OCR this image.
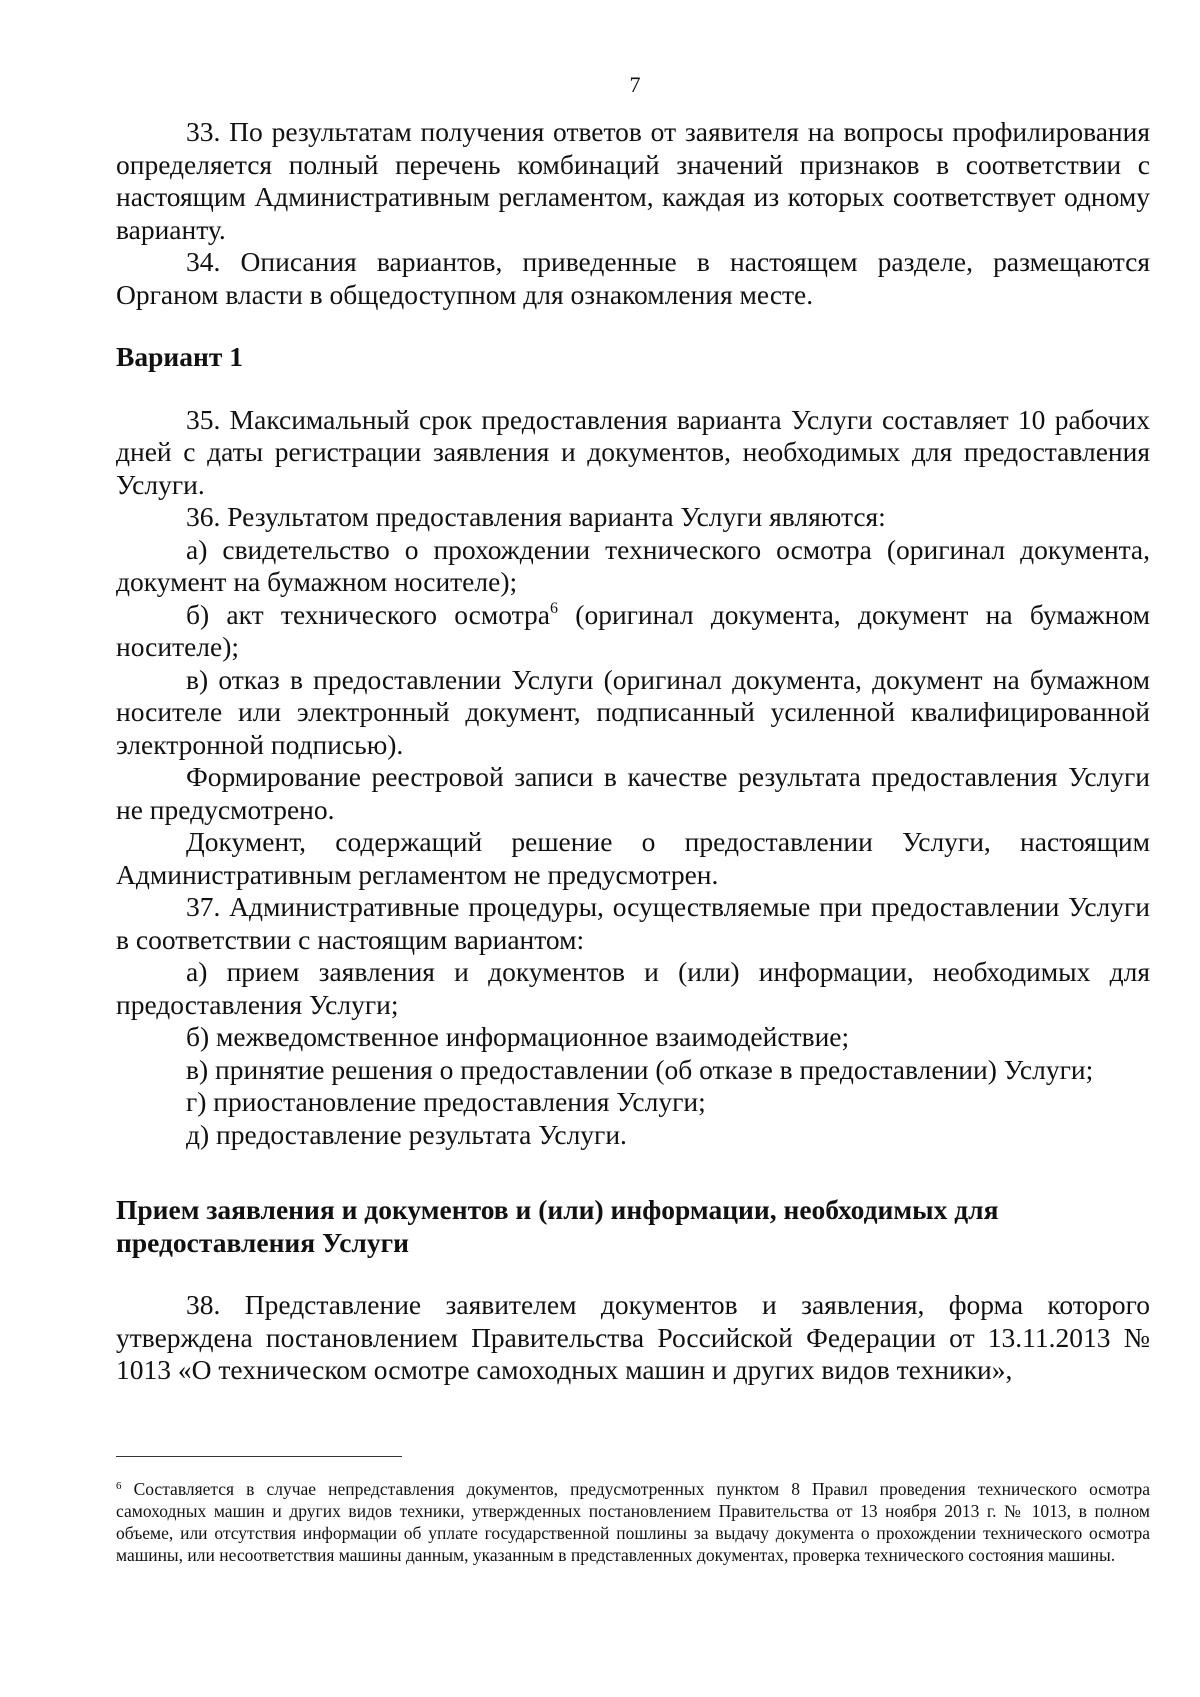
7

33. По результатам получения ответов от заявителя на вопросы профилирования определяется полный перечень комбинаций значений признаков в соответствии с настоящим Административным регламентом, каждая из которых соответствует одному варианту.

34. Описания вариантов, приведенные в настоящем разделе, размещаются Органом власти в общедоступном для ознакомления месте.

Вариант 1

35. Максимальный срок предоставления варианта Услуги составляет 10 рабочих дней с даты регистрации заявления и документов, необходимых для предоставления Услуги.

36. Результатом предоставления варианта Услуги являются:

а) свидетельство о прохождении технического осмотра (оригинал документа, документ на бумажном носителе);

б) акт технического осмотра$^6$ (оригинал документа, документ на бумажном носителе);

в) отказ в предоставлении Услуги (оригинал документа, документ на бумажном носителе или электронный документ, подписанный усиленной квалифицированной электронной подписью).

Формирование реестровой записи в качестве результата предоставления Услуги не предусмотрено.

Документ, содержащий решение о предоставлении Услуги, настоящим Административным регламентом не предусмотрен.

37. Административные процедуры, осуществляемые при предоставлении Услуги в соответствии с настоящим вариантом:

а) прием заявления и документов и (или) информации, необходимых для предоставления Услуги;

б) межведомственное информационное взаимодействие;

в) принятие решения о предоставлении (об отказе в предоставлении) Услуги;

г) приостановление предоставления Услуги;

д) предоставление результата Услуги.

Прием заявления и документов и (или) информации, необходимых для
предоставления Услуги

38. Представление заявителем документов и заявления, форма которого утверждена постановлением Правительства Российской Федерации от 13.11.2013 № 1013 «О техническом осмотре самоходных машин и других видов техники»,

$^6$ Составляется в случае непредставления документов, предусмотренных пунктом 8 Правил проведения технического осмотра самоходных машин и других видов техники, утвержденных постановлением Правительства от 13 ноября 2013 г. № 1013, в полном объеме, или отсутствия информации об уплате государственной пошлины за выдачу документа о прохождении технического осмотра машины, или несоответствия машины данным, указанным в представленных документах, проверка технического состояния машины.
